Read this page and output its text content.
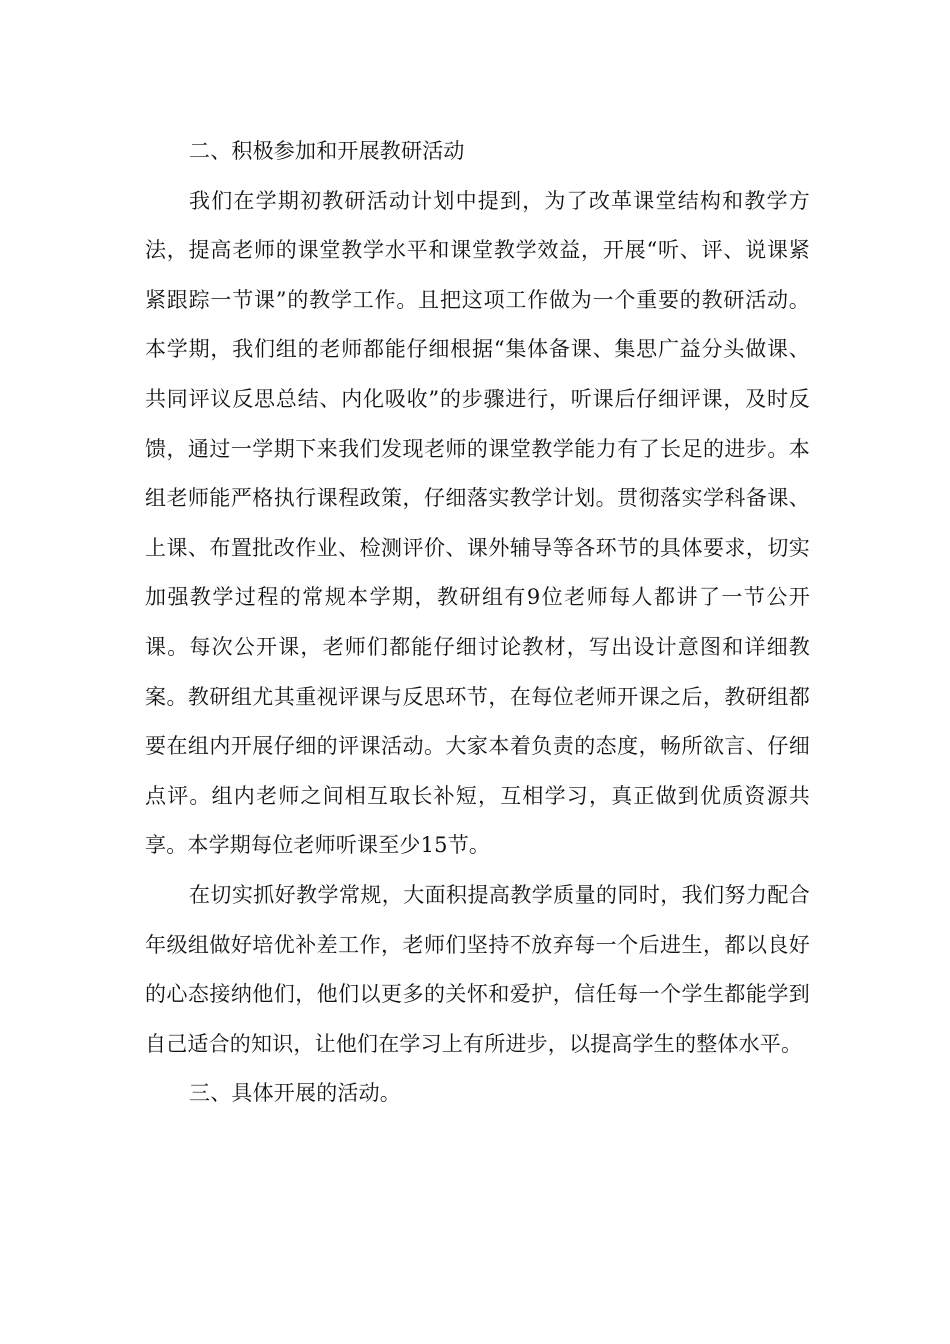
二、积极参加和开展教研活动

我们在学期初教研活动计划中提到，为了改革课堂结构和教学方法，提高老师的课堂教学水平和课堂教学效益，开展“听、评、说课紧紧跟踪一节课”的教学工作。且把这项工作做为一个重要的教研活动。本学期，我们组的老师都能仔细根据“集体备课、集思广益分头做课、共同评议反思总结、内化吸收”的步骤进行，听课后仔细评课，及时反馈，通过一学期下来我们发现老师的课堂教学能力有了长足的进步。本组老师能严格执行课程政策，仔细落实教学计划。贯彻落实学科备课、上课、布置批改作业、检测评价、课外辅导等各环节的具体要求，切实加强教学过程的常规本学期，教研组有9位老师每人都讲了一节公开课。每次公开课，老师们都能仔细讨论教材，写出设计意图和详细教案。教研组尤其重视评课与反思环节，在每位老师开课之后，教研组都要在组内开展仔细的评课活动。大家本着负责的态度，畅所欲言、仔细点评。组内老师之间相互取长补短，互相学习，真正做到优质资源共享。本学期每位老师听课至少15节。

在切实抓好教学常规，大面积提高教学质量的同时，我们努力配合年级组做好培优补差工作，老师们坚持不放弃每一个后进生，都以良好的心态接纳他们，他们以更多的关怀和爱护，信任每一个学生都能学到自己适合的知识，让他们在学习上有所进步，以提高学生的整体水平。

三、具体开展的活动。
